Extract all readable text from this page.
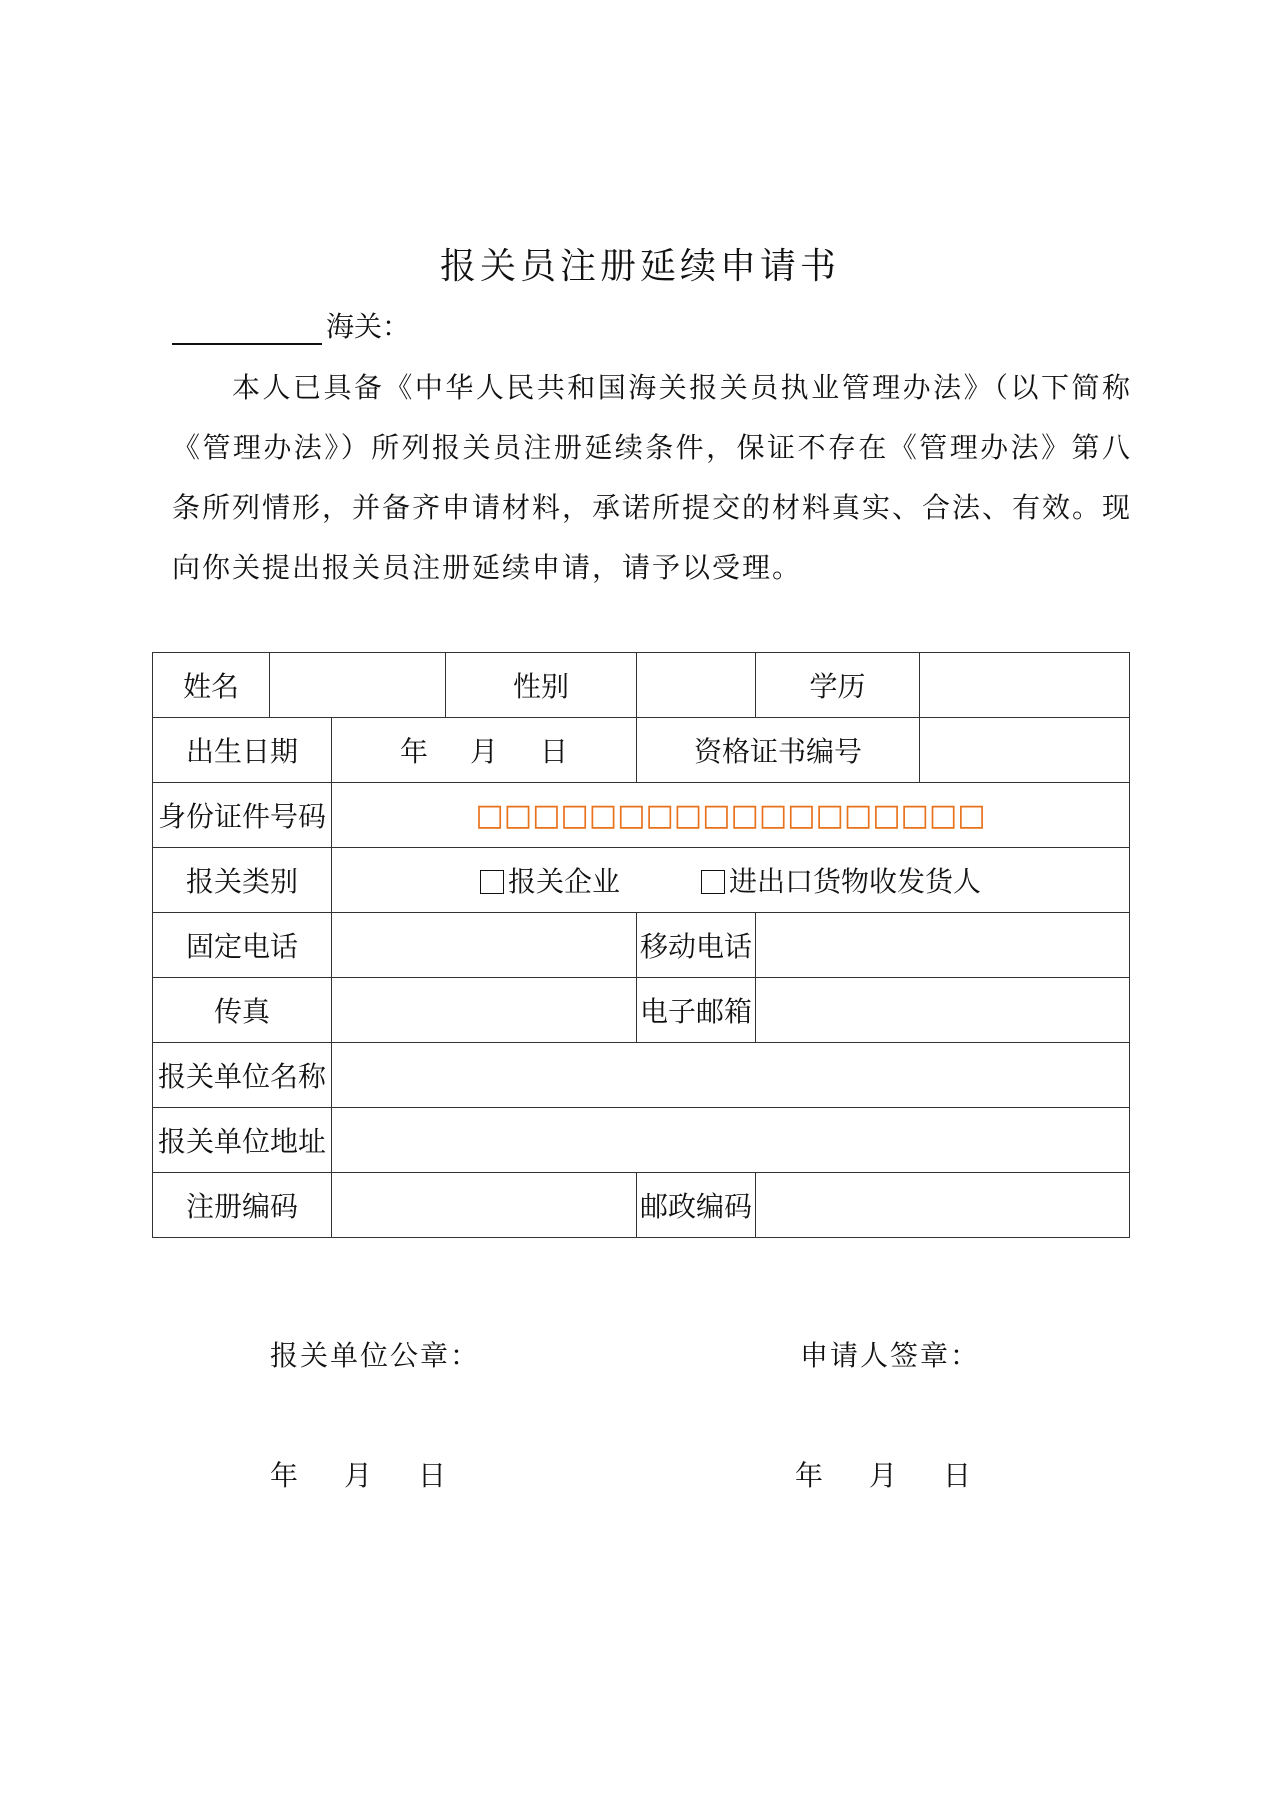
报关员注册延续申请书
海关：
本人已具备《中华人民共和国海关报关员执业管理办法》（以下简称《管理办法》）所列报关员注册延续条件，保证不存在《管理办法》第八条所列情形，并备齐申请材料，承诺所提交的材料真实、合法、有效。现向你关提出报关员注册延续申请，请予以受理。
姓名			性别		学历	
出生日期		年 月 日		资格证书编号		
身份证件号码		□□□□□□□□□□□□□□□□□□				
报关类别		报关企业 进出口货物收发货人				
固定电话				移动电话		
传真				电子邮箱		
报关单位名称						
报关单位地址						
注册编码				邮政编码		
报关单位公章：	申请人签章：
年 月 日	年 月 日
